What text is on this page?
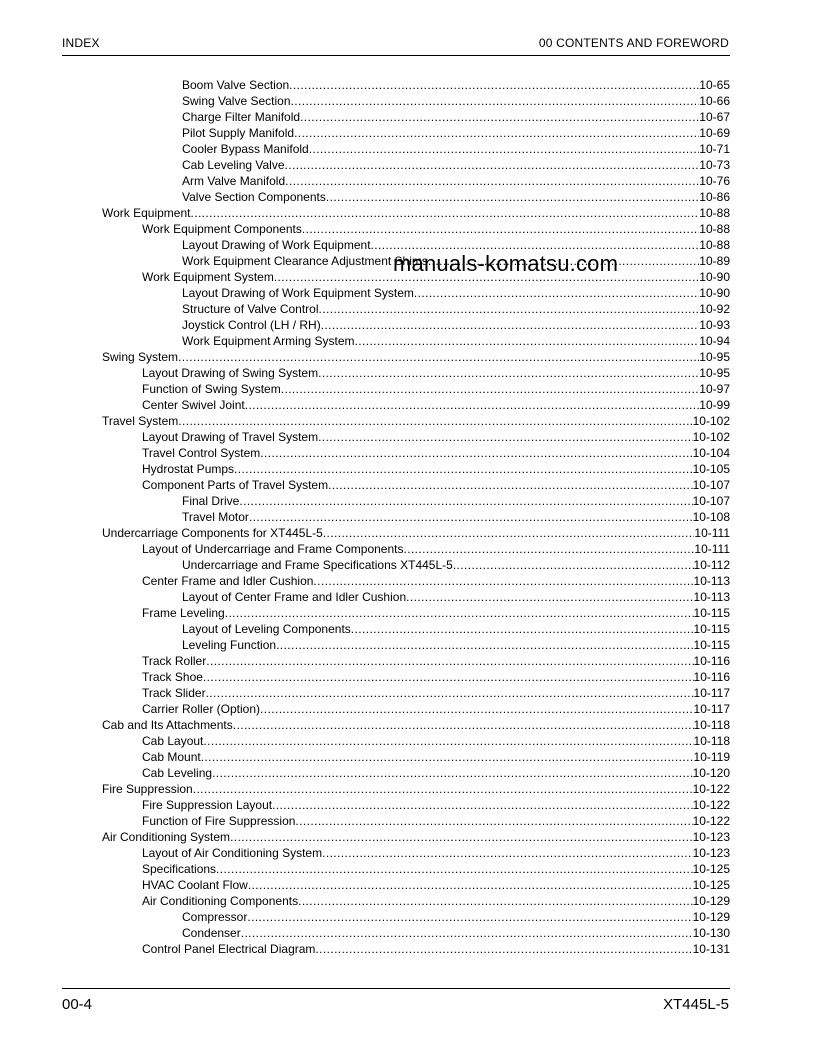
INDEX	00 CONTENTS AND FOREWORD
Boom Valve Section .....	10-65
Swing Valve Section .....	10-66
Charge Filter Manifold .....	10-67
Pilot Supply Manifold .....	10-69
Cooler Bypass Manifold .....	10-71
Cab Leveling Valve .....	10-73
Arm Valve Manifold .....	10-76
Valve Section Components .....	10-86
Work Equipment .....	10-88
Work Equipment Components .....	10-88
Layout Drawing of Work Equipment .....	10-88
Work Equipment Clearance Adjustment Shims .....	10-89
Work Equipment System .....	10-90
Layout Drawing of Work Equipment System .....	10-90
Structure of Valve Control .....	10-92
Joystick Control (LH / RH) .....	10-93
Work Equipment Arming System .....	10-94
Swing System .....	10-95
Layout Drawing of Swing System .....	10-95
Function of Swing System .....	10-97
Center Swivel Joint .....	10-99
Travel System .....	10-102
Layout Drawing of Travel System .....	10-102
Travel Control System .....	10-104
Hydrostat Pumps .....	10-105
Component Parts of Travel System .....	10-107
Final Drive .....	10-107
Travel Motor .....	10-108
Undercarriage Components for XT445L-5 .....	10-111
Layout of Undercarriage and Frame Components .....	10-111
Undercarriage and Frame Specifications XT445L-5 .....	10-112
Center Frame and Idler Cushion .....	10-113
Layout of Center Frame and Idler Cushion .....	10-113
Frame Leveling .....	10-115
Layout of Leveling Components .....	10-115
Leveling Function .....	10-115
Track Roller .....	10-116
Track Shoe .....	10-116
Track Slider .....	10-117
Carrier Roller (Option) .....	10-117
Cab and Its Attachments .....	10-118
Cab Layout .....	10-118
Cab Mount .....	10-119
Cab Leveling .....	10-120
Fire Suppression .....	10-122
Fire Suppression Layout .....	10-122
Function of Fire Suppression .....	10-122
Air Conditioning System .....	10-123
Layout of Air Conditioning System .....	10-123
Specifications .....	10-125
HVAC Coolant Flow .....	10-125
Air Conditioning Components .....	10-129
Compressor .....	10-129
Condenser .....	10-130
Control Panel Electrical Diagram .....	10-131
manuals-komatsu.com
00-4	XT445L-5
